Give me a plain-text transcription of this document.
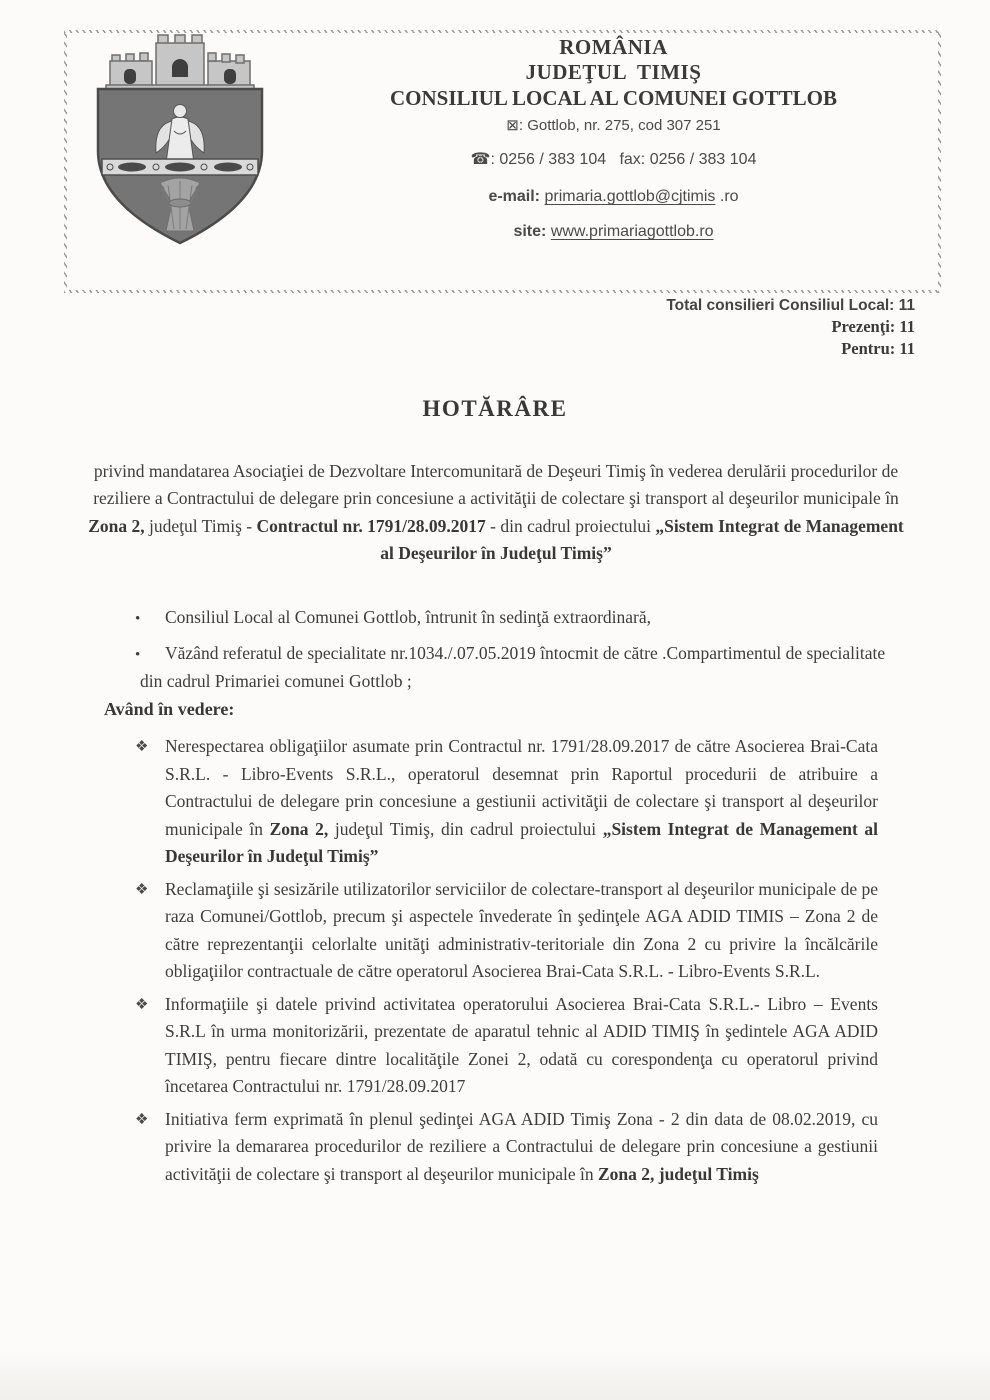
ROMÂNIA
JUDEŢUL  TIMIŞ
CONSILIUL LOCAL AL COMUNEI GOTTLOB
⊠: Gottlob, nr. 275, cod 307 251
☎: 0256 / 383 104   fax: 0256 / 383 104
e-mail: primaria.gottlob@cjtimis .ro
site: www.primariagottlob.ro
Total consilieri Consiliul Local: 11
Prezenţi: 11
Pentru: 11
HOTĂRÂRE

privind mandatarea Asociaţiei de Dezvoltare Intercomunitară de Deşeuri Timiş în vederea derulării procedurilor de reziliere a Contractului de delegare prin concesiune a activităţii de colectare şi transport al deşeurilor municipale în Zona 2, judeţul Timiş - Contractul nr. 1791/28.09.2017 - din cadrul proiectului „Sistem Integrat de Management al Deşeurilor în Judeţul Timiş”

• Consiliul Local al Comunei Gottlob, întrunit în sedinţă extraordinară,
• Văzând referatul de specialitate nr.1034./.07.05.2019 întocmit de către .Compartimentul de specialitate din cadrul Primariei comunei Gottlob ;
Având în vedere:
❖ Nerespectarea obligaţiilor asumate prin Contractul nr. 1791/28.09.2017 de către Asocierea Brai-Cata S.R.L. - Libro-Events S.R.L., operatorul desemnat prin Raportul procedurii de atribuire a Contractului de delegare prin concesiune a gestiunii activităţii de colectare şi transport al deşeurilor municipale în Zona 2, judeţul Timiş, din cadrul proiectului „Sistem Integrat de Management al Deşeurilor în Judeţul Timiş”
❖ Reclamaţiile şi sesizările utilizatorilor serviciilor de colectare-transport al deşeurilor municipale de pe raza Comunei/Gottlob, precum şi aspectele învederate în şedinţele AGA ADID TIMIS – Zona 2 de către reprezentanţii celorlalte unităţi administrativ-teritoriale din Zona 2 cu privire la încălcările obligaţiilor contractuale de către operatorul Asocierea Brai-Cata S.R.L. - Libro-Events S.R.L.
❖ Informaţiile şi datele privind activitatea operatorului Asocierea Brai-Cata S.R.L.- Libro – Events S.R.L în urma monitorizării, prezentate de aparatul tehnic al ADID TIMIŞ în şedintele AGA ADID TIMIŞ, pentru fiecare dintre localităţile Zonei 2, odată cu corespondenţa cu operatorul privind încetarea Contractului nr. 1791/28.09.2017
❖ Initiativa ferm exprimată în plenul şedinţei AGA ADID Timiş Zona - 2 din data de 08.02.2019, cu privire la demararea procedurilor de reziliere a Contractului de delegare prin concesiune a gestiunii activităţii de colectare şi transport al deşeurilor municipale în Zona 2, judeţul Timiş
